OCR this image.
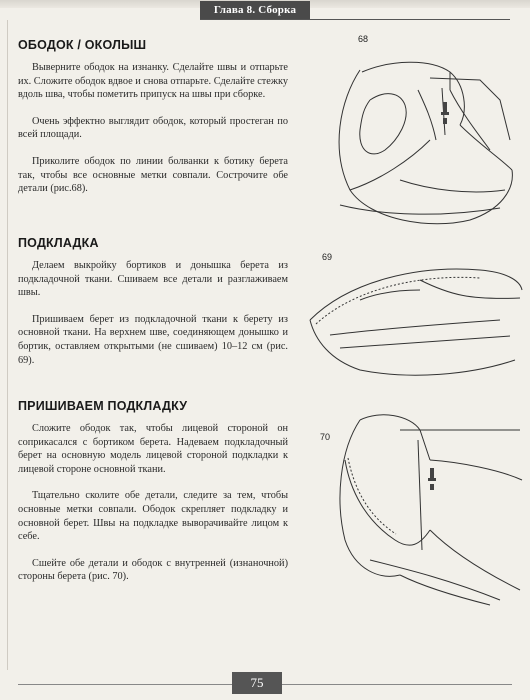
Глава 8. Сборка
ОБОДОК / ОКОЛЫШ

Выверните ободок на изнанку. Сделайте швы и отпарьте их. Сложите ободок вдвое и снова отпарьте. Сделайте стежку вдоль шва, чтобы пометить припуск на швы при сборке.

Очень эффектно выглядит ободок, который простеган по всей площади.

Приколите ободок по линии болванки к ботику берета так, чтобы все основные метки совпали. Сострочите обе детали (рис.68).

ПОДКЛАДКА

Делаем выкройку бортиков и донышка берета из подкладочной ткани. Сшиваем все детали и разглаживаем швы.

Пришиваем берет из подкладочной ткани к берету из основной ткани. На верхнем шве, соединяющем донышко и бортик, оставляем открытыми (не сшиваем) 10–12 см (рис. 69).

ПРИШИВАЕМ ПОДКЛАДКУ

Сложите ободок так, чтобы лицевой стороной он соприкасался с бортиком берета. Надеваем подкладочный берет на основную модель лицевой стороной подкладки к лицевой стороне основной ткани.

Тщательно сколите обе детали, следите за тем, чтобы основные метки совпали. Ободок скрепляет подкладку и основной берет. Швы на подкладке выворачивайте лицом к себе.

Сшейте обе детали и ободок с внутренней (изнаночной) стороны берета (рис. 70).

68
69
70
75
